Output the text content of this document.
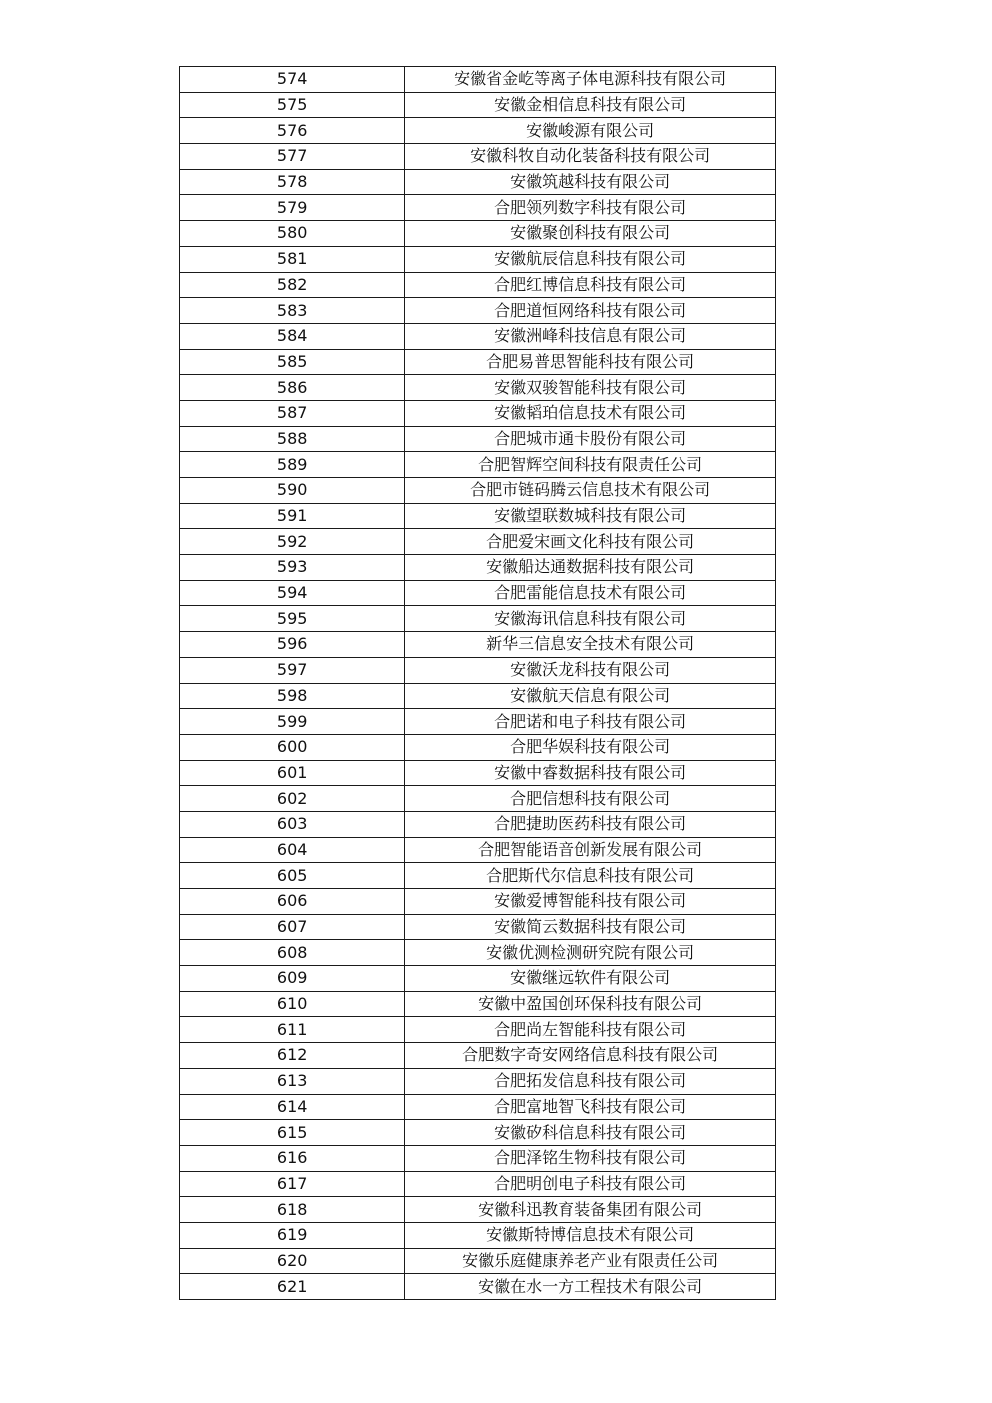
574	安徽省金屹等离子体电源科技有限公司
575	安徽金相信息科技有限公司
576	安徽峻源有限公司
577	安徽科牧自动化装备科技有限公司
578	安徽筑越科技有限公司
579	合肥领列数字科技有限公司
580	安徽聚创科技有限公司
581	安徽航辰信息科技有限公司
582	合肥红博信息科技有限公司
583	合肥道恒网络科技有限公司
584	安徽洲峰科技信息有限公司
585	合肥易普思智能科技有限公司
586	安徽双骏智能科技有限公司
587	安徽韬珀信息技术有限公司
588	合肥城市通卡股份有限公司
589	合肥智辉空间科技有限责任公司
590	合肥市链码腾云信息技术有限公司
591	安徽望联数城科技有限公司
592	合肥爱宋画文化科技有限公司
593	安徽船达通数据科技有限公司
594	合肥雷能信息技术有限公司
595	安徽海讯信息科技有限公司
596	新华三信息安全技术有限公司
597	安徽沃龙科技有限公司
598	安徽航天信息有限公司
599	合肥诺和电子科技有限公司
600	合肥华娱科技有限公司
601	安徽中睿数据科技有限公司
602	合肥信想科技有限公司
603	合肥捷助医药科技有限公司
604	合肥智能语音创新发展有限公司
605	合肥斯代尔信息科技有限公司
606	安徽爱博智能科技有限公司
607	安徽简云数据科技有限公司
608	安徽优测检测研究院有限公司
609	安徽继远软件有限公司
610	安徽中盈国创环保科技有限公司
611	合肥尚左智能科技有限公司
612	合肥数字奇安网络信息科技有限公司
613	合肥拓发信息科技有限公司
614	合肥富地智飞科技有限公司
615	安徽矽科信息科技有限公司
616	合肥泽铭生物科技有限公司
617	合肥明创电子科技有限公司
618	安徽科迅教育装备集团有限公司
619	安徽斯特博信息技术有限公司
620	安徽乐庭健康养老产业有限责任公司
621	安徽在水一方工程技术有限公司
